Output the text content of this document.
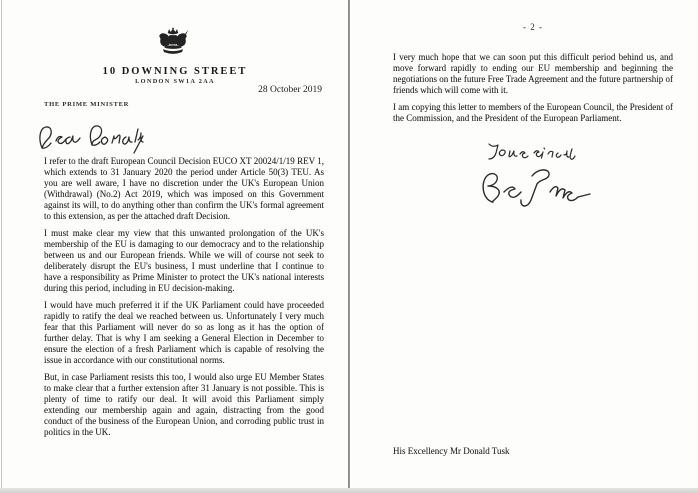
10 DOWNING STREET
LONDON SW1A 2AA
28 October 2019
THE PRIME MINISTER

I refer to the draft European Council Decision EUCO XT 20024/1/19 REV 1, which extends to 31 January 2020 the period under Article 50(3) TEU. As you are well aware, I have no discretion under the UK's European Union (Withdrawal) (No.2) Act 2019, which was imposed on this Government against its will, to do anything other than confirm the UK's formal agreement to this extension, as per the attached draft Decision.

I must make clear my view that this unwanted prolongation of the UK's membership of the EU is damaging to our democracy and to the relationship between us and our European friends. While we will of course not seek to deliberately disrupt the EU's business, I must underline that I continue to have a responsibility as Prime Minister to protect the UK's national interests during this period, including in EU decision-making.

I would have much preferred it if the UK Parliament could have proceeded rapidly to ratify the deal we reached between us. Unfortunately I very much fear that this Parliament will never do so as long as it has the option of further delay. That is why I am seeking a General Election in December to ensure the election of a fresh Parliament which is capable of resolving the issue in accordance with our constitutional norms.

But, in case Parliament resists this too, I would also urge EU Member States to make clear that a further extension after 31 January is not possible. This is plenty of time to ratify our deal. It will avoid this Parliament simply extending our membership again and again, distracting from the good conduct of the business of the European Union, and corroding public trust in politics in the UK.

- 2 -

I very much hope that we can soon put this difficult period behind us, and move forward rapidly to ending our EU membership and beginning the negotiations on the future Free Trade Agreement and the future partnership of friends which will come with it.

I am copying this letter to members of the European Council, the President of the Commission, and the President of the European Parliament.

His Excellency Mr Donald Tusk
